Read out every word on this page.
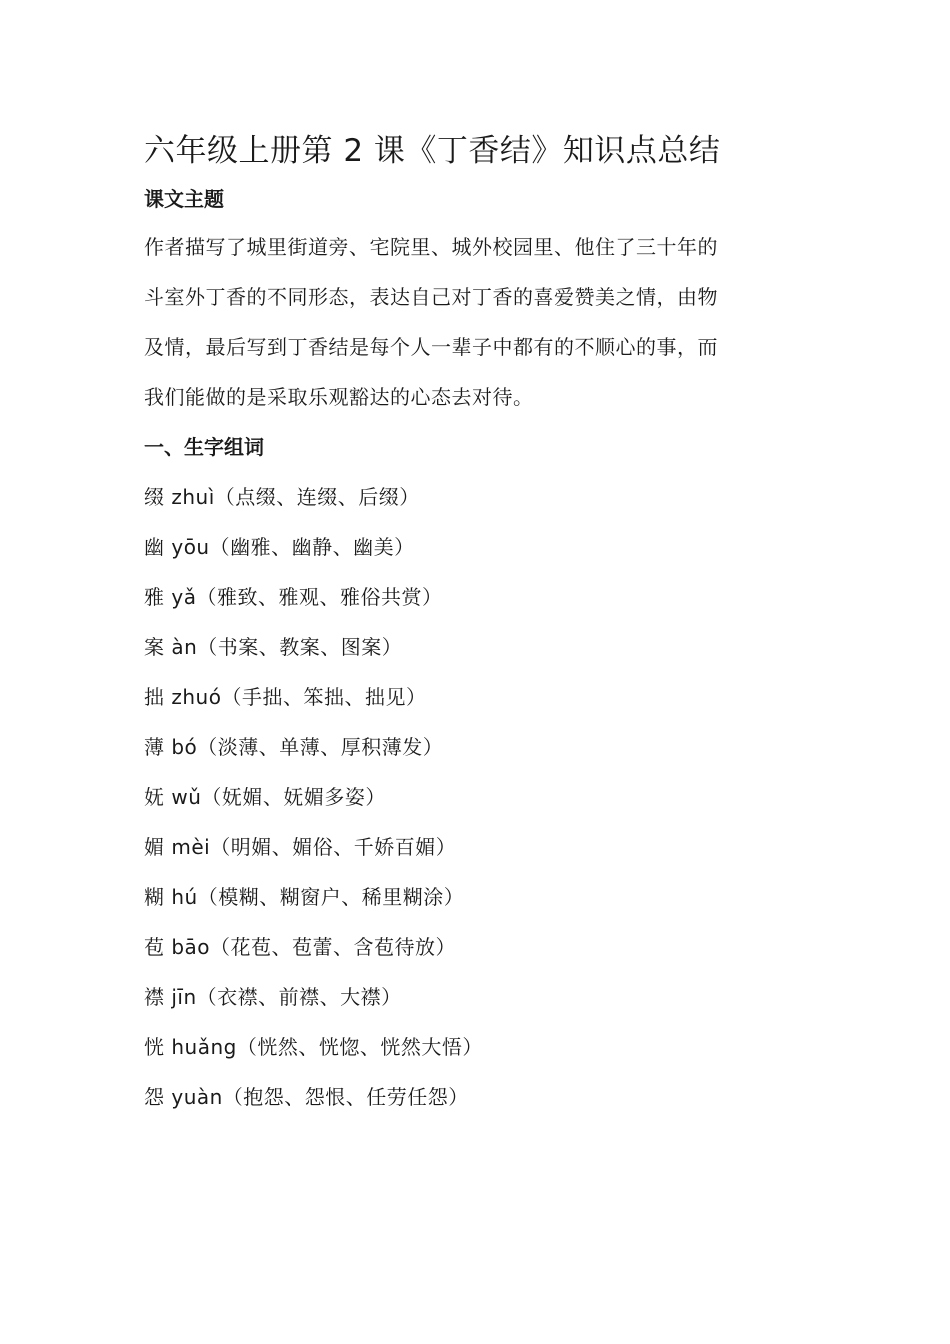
六年级上册第 2 课《丁香结》知识点总结
课文主题

作者描写了城里街道旁、宅院里、城外校园里、他住了三十年的
斗室外丁香的不同形态，表达自己对丁香的喜爱赞美之情，由物
及情，最后写到丁香结是每个人一辈子中都有的不顺心的事，而
我们能做的是采取乐观豁达的心态去对待。

一、生字组词
缀 zhuì（点缀、连缀、后缀）
幽 yōu（幽雅、幽静、幽美）
雅 yǎ（雅致、雅观、雅俗共赏）
案 àn（书案、教案、图案）
拙 zhuó（手拙、笨拙、拙见）
薄 bó（淡薄、单薄、厚积薄发）
妩 wǔ（妩媚、妩媚多姿）
媚 mèi（明媚、媚俗、千娇百媚）
糊 hú（模糊、糊窗户、稀里糊涂）
苞 bāo（花苞、苞蕾、含苞待放）
襟 jīn（衣襟、前襟、大襟）
恍 huǎng（恍然、恍惚、恍然大悟）
怨 yuàn（抱怨、怨恨、任劳任怨）
